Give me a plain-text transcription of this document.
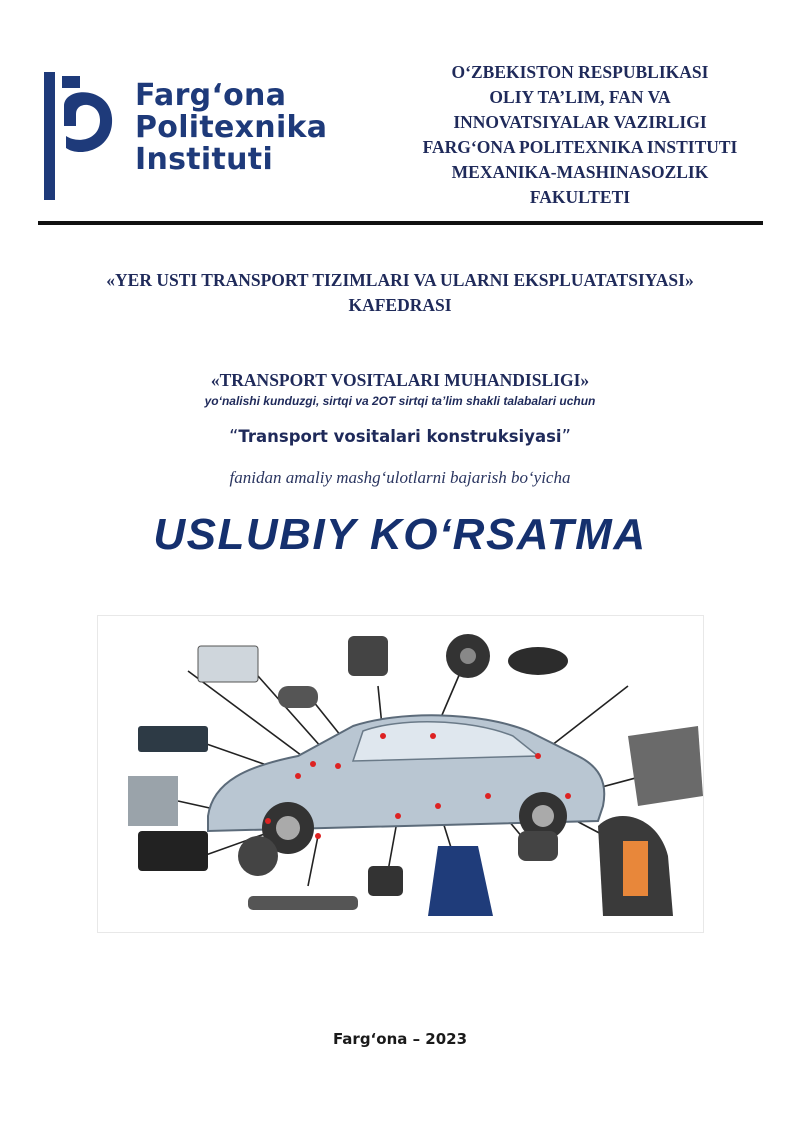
Farg‘ona
Politexnika
Instituti
O‘ZBEKISTON RESPUBLIKASI
OLIY TA’LIM, FAN VA
INNOVATSIYALAR VAZIRLIGI
FARG‘ONA POLITEXNIKA INSTITUTI
MEXANIKA-MASHINASOZLIK
FAKULTETI
«YER USTI TRANSPORT TIZIMLARI VA ULARNI EKSPLUATATSIYASI»
KAFEDRASI
«TRANSPORT VOSITALARI MUHANDISLIGI»
yo‘nalishi kunduzgi, sirtqi va 2OT sirtqi ta’lim shakli talabalari uchun
“Transport vositalari konstruksiyasi”
fanidan amaliy mashg‘ulotlarni bajarish bo‘yicha
USLUBIY KO‘RSATMA
Farg‘ona – 2023
